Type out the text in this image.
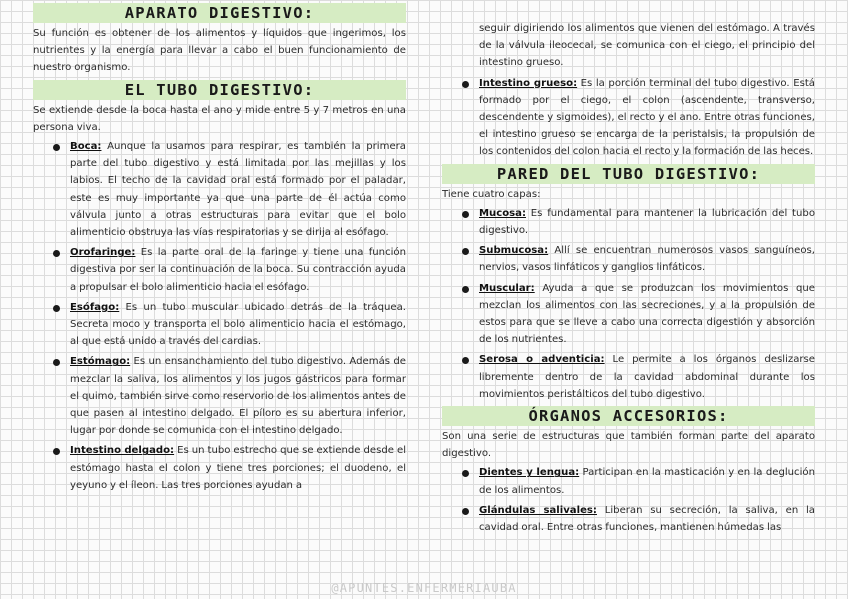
APARATO DIGESTIVO:

Su función es obtener de los alimentos y líquidos que ingerimos, los nutrientes y la energía para llevar a cabo el buen funcionamiento de nuestro organismo.

EL TUBO DIGESTIVO:

Se extiende desde la boca hasta el ano y mide entre 5 y 7 metros en una persona viva.

Boca: Aunque la usamos para respirar, es también la primera parte del tubo digestivo y está limitada por las mejillas y los labios. El techo de la cavidad oral está formado por el paladar, este es muy importante ya que una parte de él actúa como válvula junto a otras estructuras para evitar que el bolo alimenticio obstruya las vías respiratorias y se dirija al esófago.

Orofaringe: Es la parte oral de la faringe y tiene una función digestiva por ser la continuación de la boca. Su contracción ayuda a propulsar el bolo alimenticio hacia el esófago.

Esófago: Es un tubo muscular ubicado detrás de la tráquea. Secreta moco y transporta el bolo alimenticio hacia el estómago, al que está unido a través del cardias.

Estómago: Es un ensanchamiento del tubo digestivo. Además de mezclar la saliva, los alimentos y los jugos gástricos para formar el quimo, también sirve como reservorio de los alimentos antes de que pasen al intestino delgado. El píloro es su abertura inferior, lugar por donde se comunica con el intestino delgado.

Intestino delgado: Es un tubo estrecho que se extiende desde el estómago hasta el colon y tiene tres porciones; el duodeno, el yeyuno y el íleon. Las tres porciones ayudan a

seguir digiriendo los alimentos que vienen del estómago. A través de la válvula ileocecal, se comunica con el ciego, el principio del intestino grueso.

Intestino grueso: Es la porción terminal del tubo digestivo. Está formado por el ciego, el colon (ascendente, transverso, descendente y sigmoides), el recto y el ano. Entre otras funciones, el intestino grueso se encarga de la peristalsis, la propulsión de los contenidos del colon hacia el recto y la formación de las heces.

PARED DEL TUBO DIGESTIVO:

Tiene cuatro capas:

Mucosa: Es fundamental para mantener la lubricación del tubo digestivo.

Submucosa: Allí se encuentran numerosos vasos sanguíneos, nervios, vasos linfáticos y ganglios linfáticos.

Muscular: Ayuda a que se produzcan los movimientos que mezclan los alimentos con las secreciones, y a la propulsión de estos para que se lleve a cabo una correcta digestión y absorción de los nutrientes.

Serosa o adventicia: Le permite a los órganos deslizarse libremente dentro de la cavidad abdominal durante los movimientos peristálticos del tubo digestivo.

ÓRGANOS ACCESORIOS:

Son una serie de estructuras que también forman parte del aparato digestivo.

Dientes y lengua: Participan en la masticación y en la deglución de los alimentos.

Glándulas salivales: Liberan su secreción, la saliva, en la cavidad oral. Entre otras funciones, mantienen húmedas las

@APUNTES.ENFERMERIAUBA
